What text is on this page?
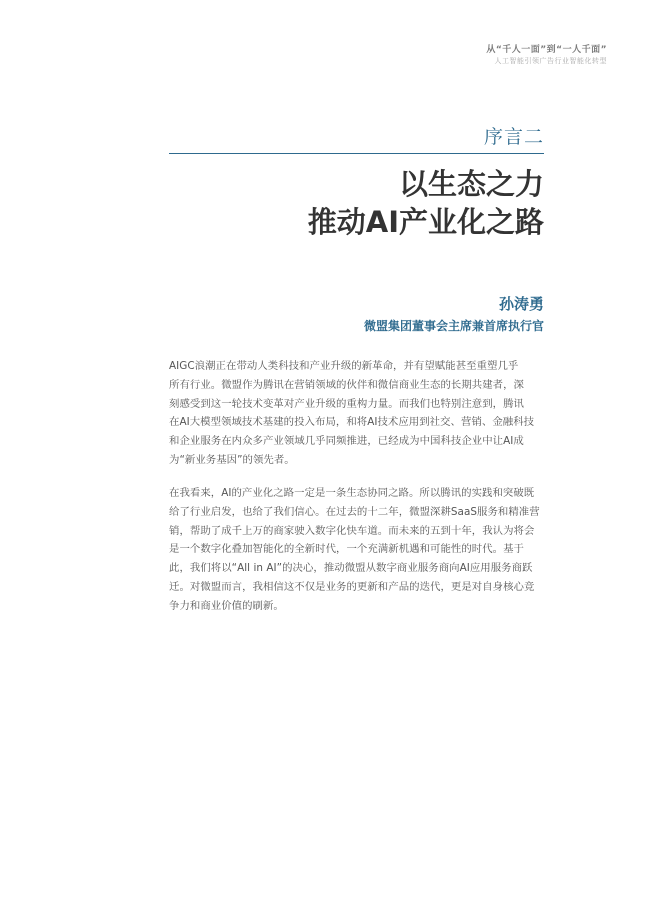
从“千人一面”到“一人千面”
人工智能引领广告行业智能化转型
序言二
以生态之力
推动AI产业化之路
孙涛勇
微盟集团董事会主席兼首席执行官

AIGC浪潮正在带动人类科技和产业升级的新革命，并有望赋能甚至重塑几乎
所有行业。微盟作为腾讯在营销领域的伙伴和微信商业生态的长期共建者，深
刻感受到这一轮技术变革对产业升级的重构力量。而我们也特别注意到，腾讯
在AI大模型领域技术基建的投入布局，和将AI技术应用到社交、营销、金融科技
和企业服务在内众多产业领域几乎同频推进，已经成为中国科技企业中让AI成
为“新业务基因”的领先者。

在我看来，AI的产业化之路一定是一条生态协同之路。所以腾讯的实践和突破既
给了行业启发，也给了我们信心。在过去的十二年，微盟深耕SaaS服务和精准营
销，帮助了成千上万的商家驶入数字化快车道。而未来的五到十年，我认为将会
是一个数字化叠加智能化的全新时代，一个充满新机遇和可能性的时代。基于
此，我们将以“All in AI”的决心，推动微盟从数字商业服务商向AI应用服务商跃
迁。对微盟而言，我相信这不仅是业务的更新和产品的迭代，更是对自身核心竞
争力和商业价值的刷新。
